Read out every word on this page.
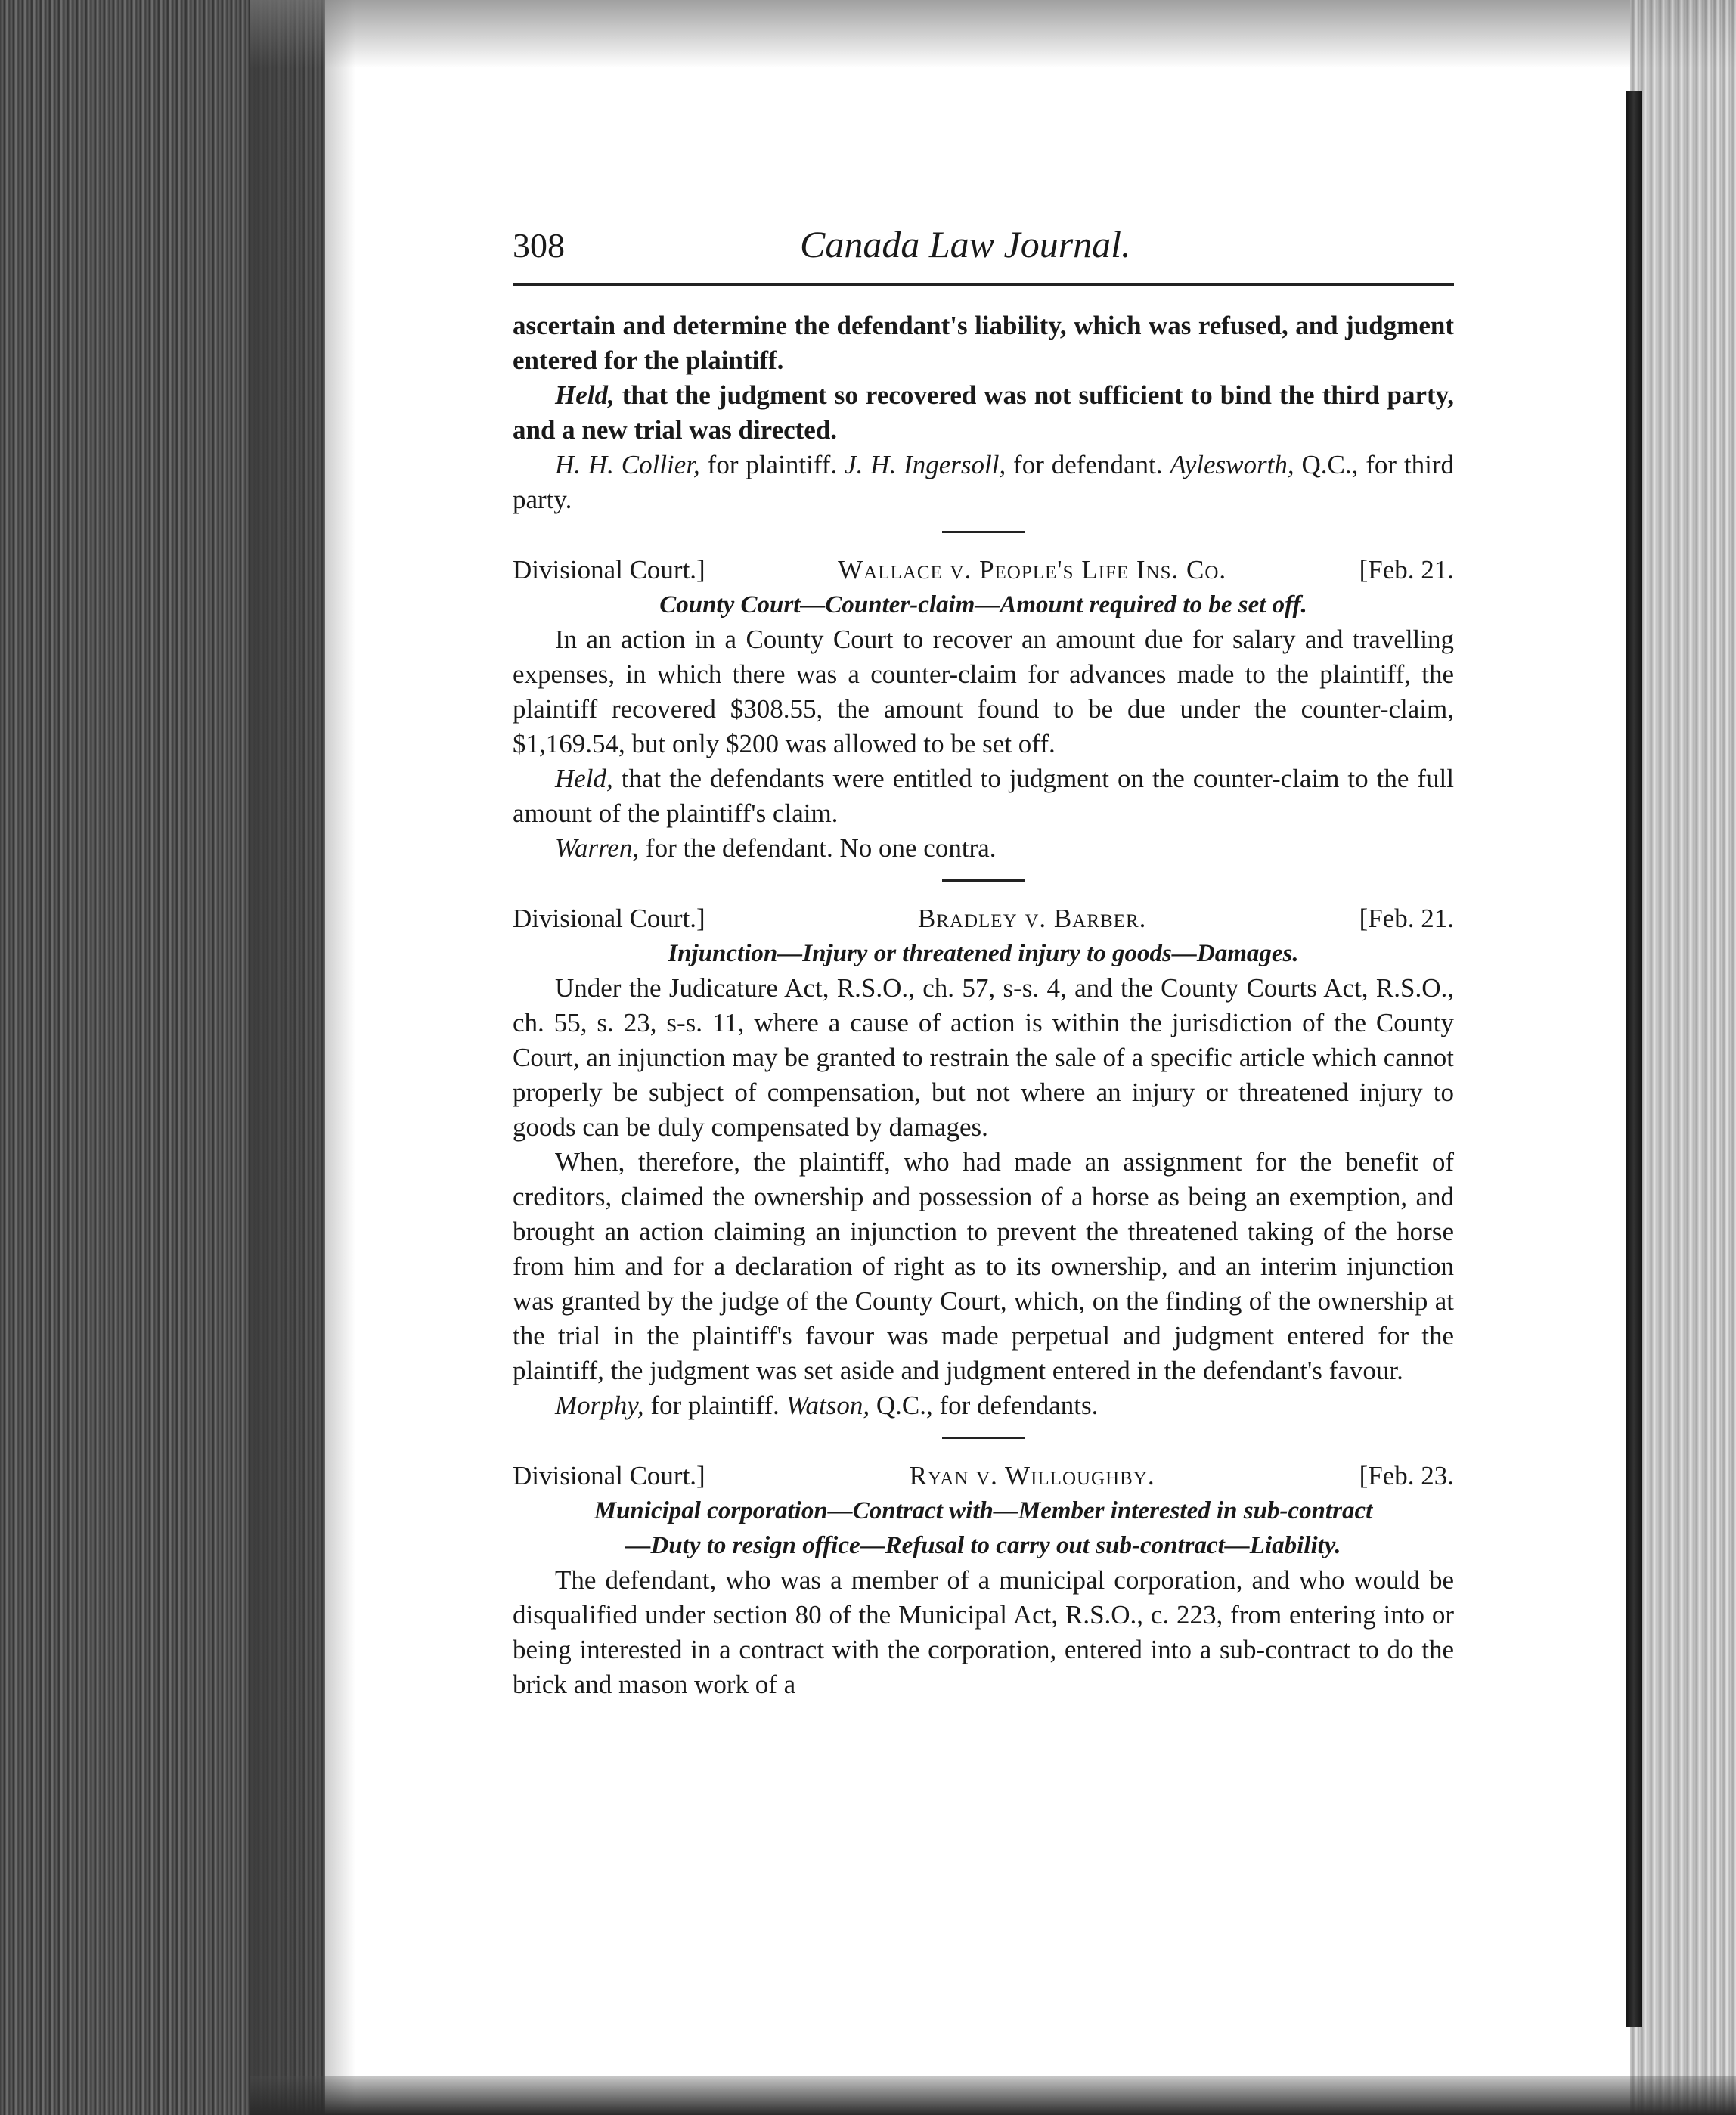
308	Canada Law Journal.

ascertain and determine the defendant's liability, which was refused, and judgment entered for the plaintiff.

Held, that the judgment so recovered was not sufficient to bind the third party, and a new trial was directed.

H. H. Collier, for plaintiff. J. H. Ingersoll, for defendant. Aylesworth, Q.C., for third party.

Divisional Court.]	Wallace v. People's Life Ins. Co.	[Feb. 21.
County Court—Counter-claim—Amount required to be set off.

In an action in a County Court to recover an amount due for salary and travelling expenses, in which there was a counter-claim for advances made to the plaintiff, the plaintiff recovered $308.55, the amount found to be due under the counter-claim, $1,169.54, but only $200 was allowed to be set off.

Held, that the defendants were entitled to judgment on the counter-claim to the full amount of the plaintiff's claim.

Warren, for the defendant. No one contra.

Divisional Court.]	Bradley v. Barber.	[Feb. 21.
Injunction—Injury or threatened injury to goods—Damages.

Under the Judicature Act, R.S.O., ch. 57, s-s. 4, and the County Courts Act, R.S.O., ch. 55, s. 23, s-s. 11, where a cause of action is within the jurisdiction of the County Court, an injunction may be granted to restrain the sale of a specific article which cannot properly be subject of compensation, but not where an injury or threatened injury to goods can be duly compensated by damages.

When, therefore, the plaintiff, who had made an assignment for the benefit of creditors, claimed the ownership and possession of a horse as being an exemption, and brought an action claiming an injunction to prevent the threatened taking of the horse from him and for a declaration of right as to its ownership, and an interim injunction was granted by the judge of the County Court, which, on the finding of the ownership at the trial in the plaintiff's favour was made perpetual and judgment entered for the plaintiff, the judgment was set aside and judgment entered in the defendant's favour.

Morphy, for plaintiff. Watson, Q.C., for defendants.

Divisional Court.]	Ryan v. Willoughby.	[Feb. 23.
Municipal corporation—Contract with—Member interested in sub-contract
—Duty to resign office—Refusal to carry out sub-contract—Liability.

The defendant, who was a member of a municipal corporation, and who would be disqualified under section 80 of the Municipal Act, R.S.O., c. 223, from entering into or being interested in a contract with the corporation, entered into a sub-contract to do the brick and mason work of a
